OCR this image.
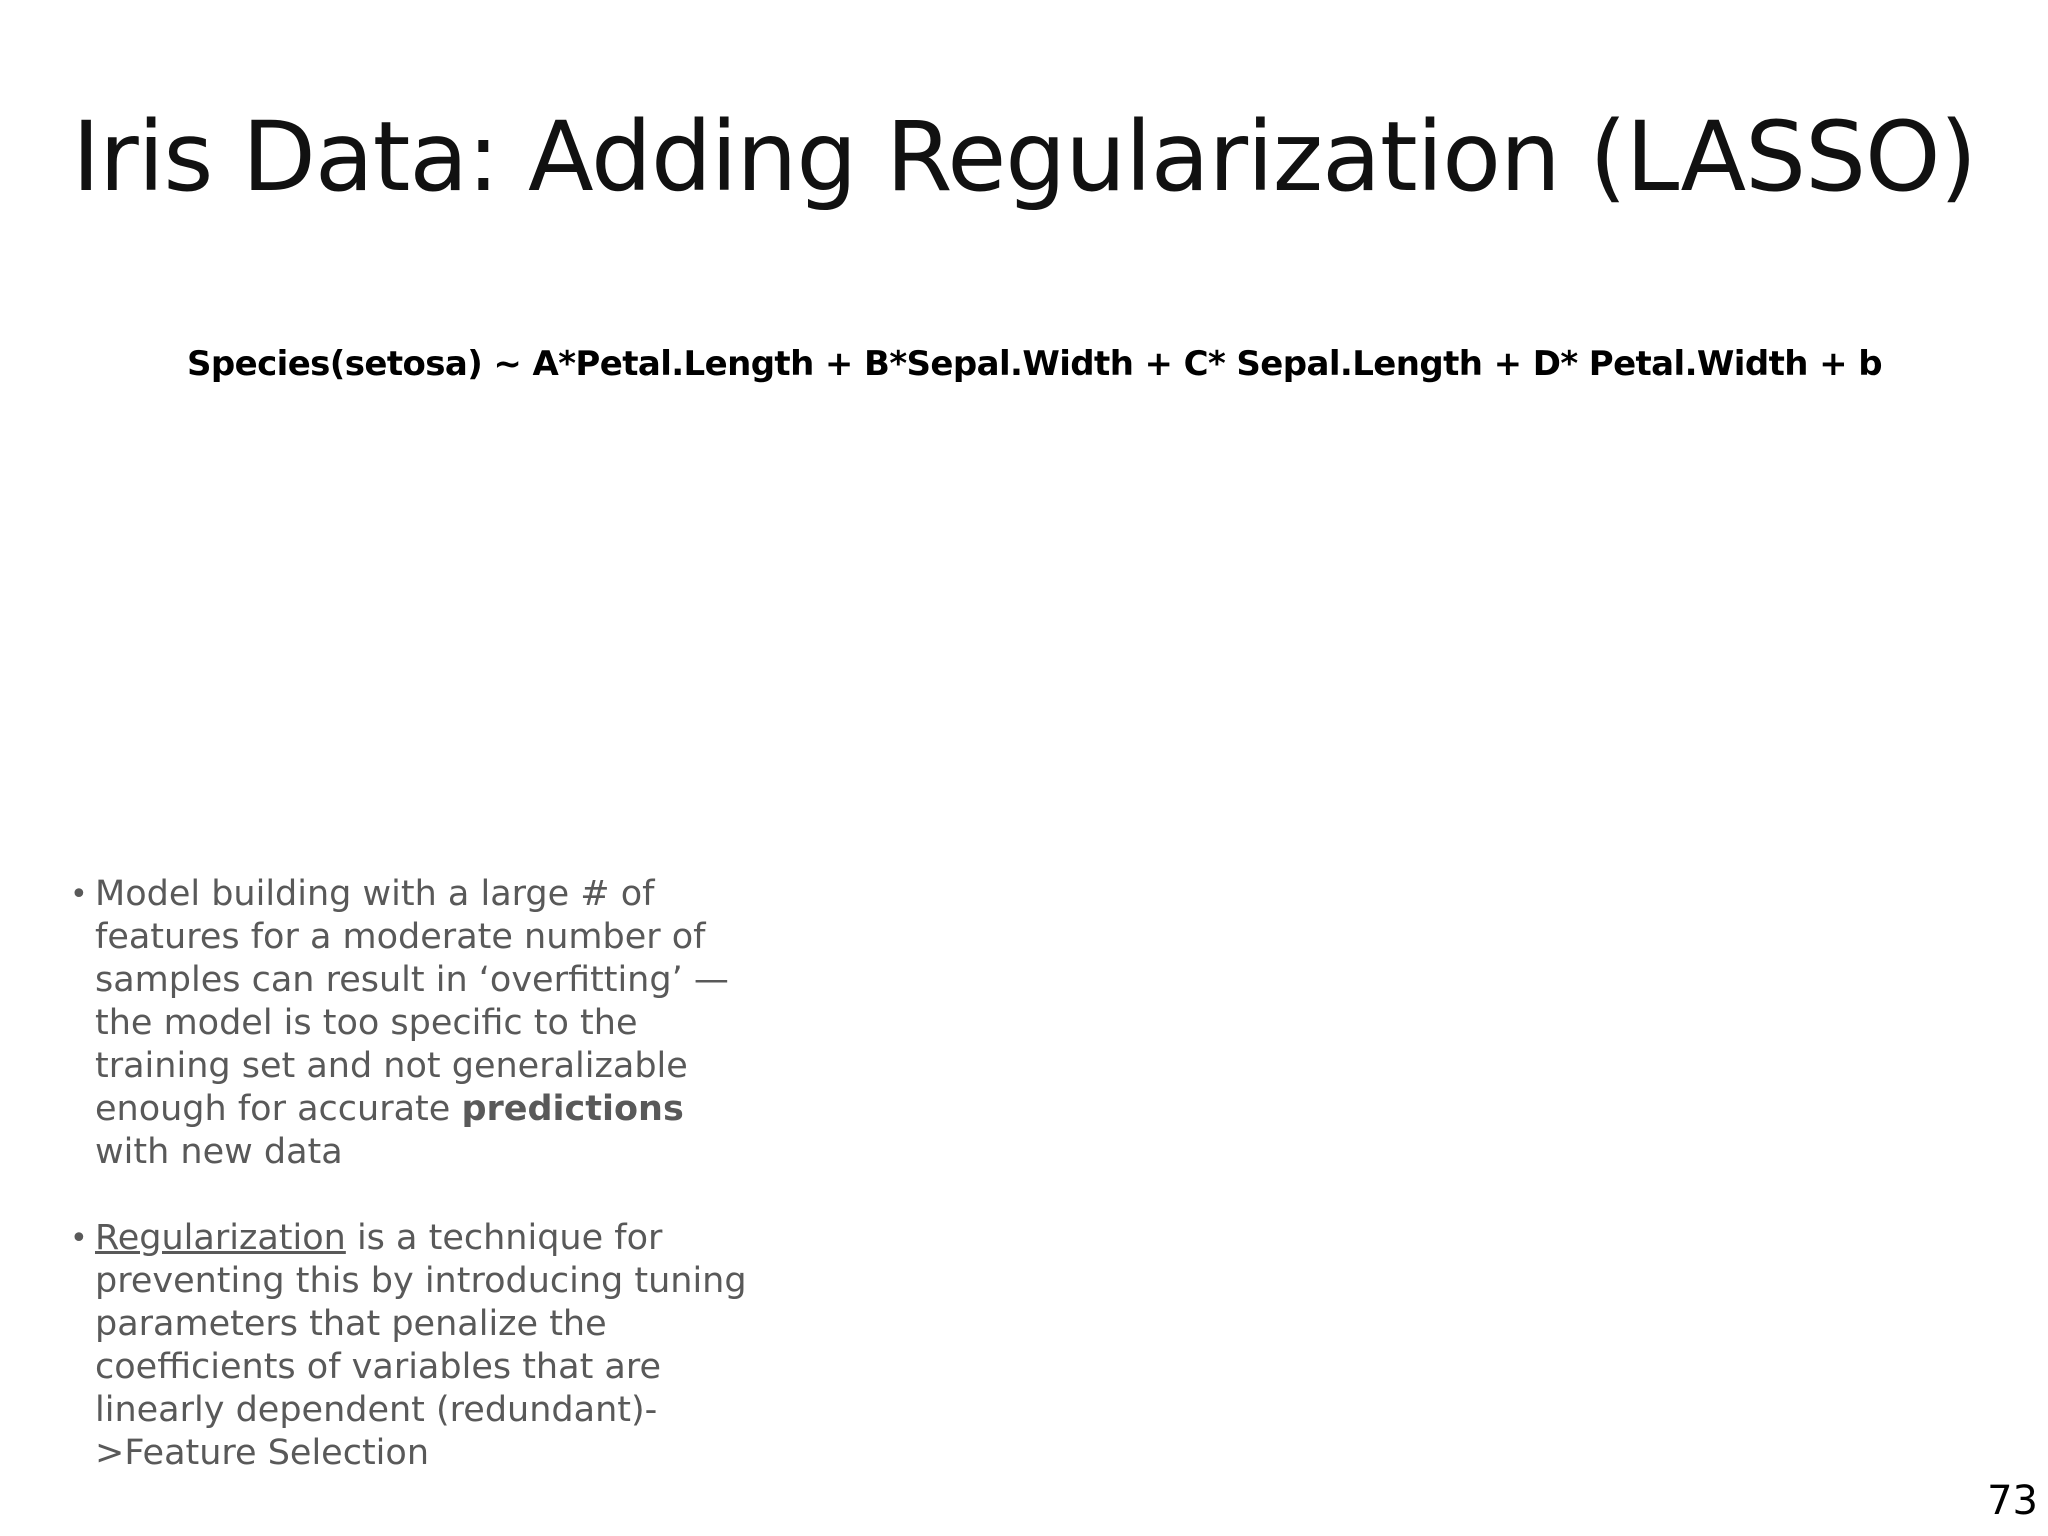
Iris Data: Adding Regularization (LASSO)
Species(setosa) ~ A*Petal.Length + B*Sepal.Width + C* Sepal.Length + D* Petal.Width + b
• Model building with a large # of features for a moderate number of samples can result in ‘overfitting’ — the model is too specific to the training set and not generalizable enough for accurate predictions with new data
• Regularization is a technique for preventing this by introducing tuning parameters that penalize the coefficients of variables that are linearly dependent (redundant)->Feature Selection
73
